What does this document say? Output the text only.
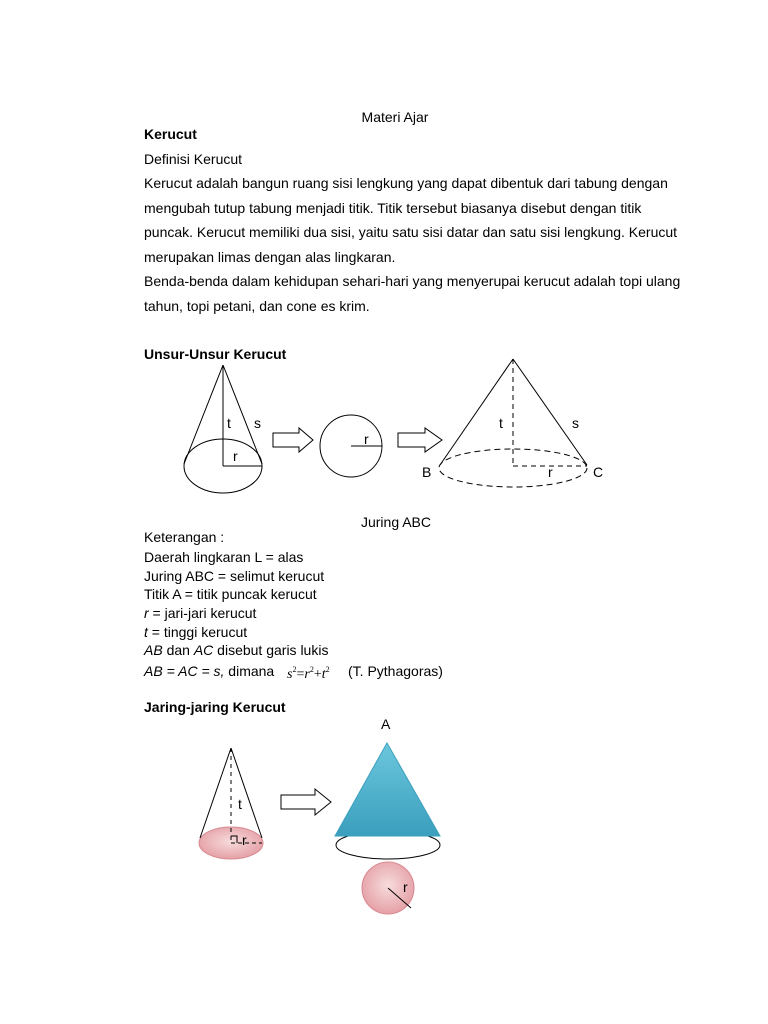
Materi Ajar
Kerucut
Definisi Kerucut
Kerucut adalah bangun ruang sisi lengkung yang dapat dibentuk dari tabung dengan
mengubah tutup tabung menjadi titik. Titik tersebut biasanya disebut dengan titik
puncak. Kerucut memiliki dua sisi, yaitu satu sisi datar dan satu sisi lengkung. Kerucut
merupakan limas dengan alas lingkaran.
Benda-benda dalam kehidupan sehari-hari yang menyerupai kerucut adalah topi ulang
tahun, topi petani, dan cone es krim.
Unsur-Unsur Kerucut
t s
r
r
t	s
r
B	C
Juring ABC
Keterangan :
Daerah lingkaran L = alas
Juring ABC = selimut kerucut
Titik A = titik puncak kerucut
r = jari-jari kerucut
t = tinggi kerucut
AB dan AC disebut garis lukis
AB = AC = s, dimana $s^2=r^2+t^2$ (T. Pythagoras)
Jaring-jaring Kerucut
t
r
A
r
